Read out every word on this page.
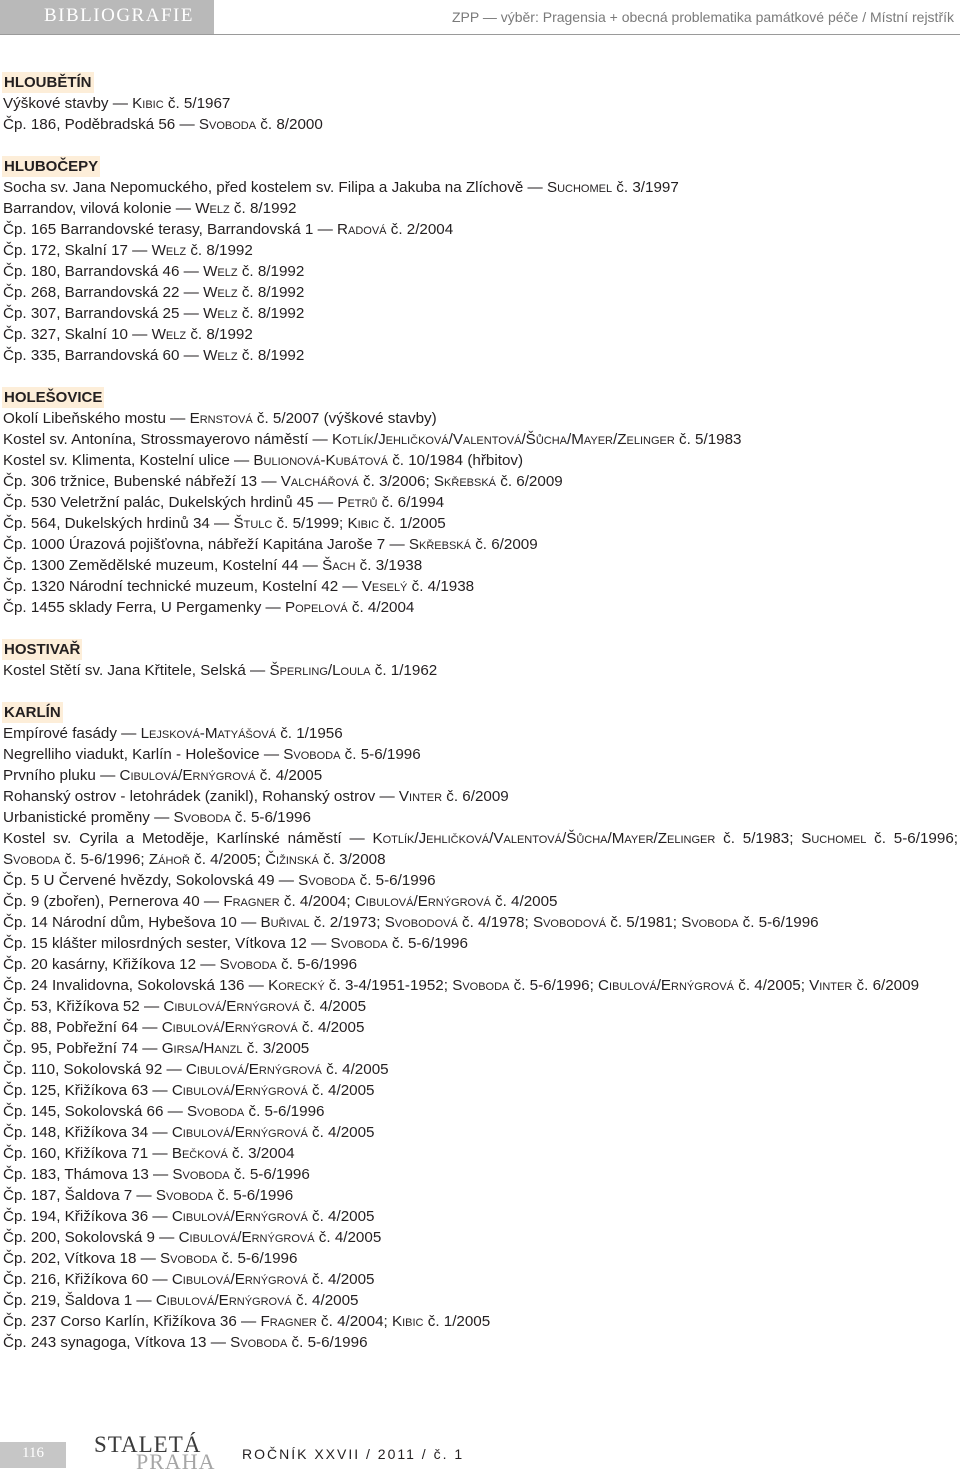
BIBLIOGRAFIE	ZPP — výběr: Pragensia + obecná problematika památkové péče / Místní rejstřík
HLOUBĚTÍN
Výškové stavby — Kibic č. 5/1967
Čp. 186, Poděbradská 56 — Svoboda č. 8/2000
HLUBOČEPY
Socha sv. Jana Nepomuckého, před kostelem sv. Filipa a Jakuba na Zlíchově — Suchomel č. 3/1997
Barrandov, vilová kolonie — Welz č. 8/1992
Čp. 165 Barrandovské terasy, Barrandovská 1 — Radová č. 2/2004
Čp. 172, Skalní 17 — Welz č. 8/1992
Čp. 180, Barrandovská 46 — Welz č. 8/1992
Čp. 268, Barrandovská 22 — Welz č. 8/1992
Čp. 307, Barrandovská 25 — Welz č. 8/1992
Čp. 327, Skalní 10 — Welz č. 8/1992
Čp. 335, Barrandovská 60 — Welz č. 8/1992
HOLEŠOVICE
Okolí Libeňského mostu — Ernstová č. 5/2007 (výškové stavby)
Kostel sv. Antonína, Strossmayerovo náměstí — Kotlík/Jehličková/Valentová/Šůcha/Mayer/Zelinger č. 5/1983
Kostel sv. Klimenta, Kostelní ulice — Bulionová-Kubátová č. 10/1984 (hřbitov)
Čp. 306 tržnice, Bubenské nábřeží 13 — Valchářová č. 3/2006; Skřebská č. 6/2009
Čp. 530 Veletržní palác, Dukelských hrdinů 45 — Petrů č. 6/1994
Čp. 564, Dukelských hrdinů 34 — Štulc č. 5/1999; Kibic č. 1/2005
Čp. 1000 Úrazová pojišťovna, nábřeží Kapitána Jaroše 7 — Skřebská č. 6/2009
Čp. 1300 Zemědělské muzeum, Kostelní 44 — Šach č. 3/1938
Čp. 1320 Národní technické muzeum, Kostelní 42 — Veselý č. 4/1938
Čp. 1455 sklady Ferra, U Pergamenky — Popelová č. 4/2004
HOSTIVAŘ
Kostel Stětí sv. Jana Křtitele, Selská — Šperling/Loula č. 1/1962
KARLÍN
Empírové fasády — Lejsková-Matyášová č. 1/1956
Negrelliho viadukt, Karlín - Holešovice — Svoboda č. 5-6/1996
Prvního pluku — Cibulová/Ernýgrová č. 4/2005
Rohanský ostrov - letohrádek (zanikl), Rohanský ostrov — Vinter č. 6/2009
Urbanistické proměny — Svoboda č. 5-6/1996
Kostel sv. Cyrila a Metoděje, Karlínské náměstí — Kotlík/Jehličková/Valentová/Šůcha/Mayer/Zelinger č. 5/1983; Suchomel č. 5-6/1996; Svoboda č. 5-6/1996; Záhoř č. 4/2005; Čižinská č. 3/2008
Čp. 5 U Červené hvězdy, Sokolovská 49 — Svoboda č. 5-6/1996
Čp. 9 (zbořen), Pernerova 40 — Fragner č. 4/2004; Cibulová/Ernýgrová č. 4/2005
Čp. 14 Národní dům, Hybešova 10 — Buřival č. 2/1973; Svobodová č. 4/1978; Svobodová č. 5/1981; Svoboda č. 5-6/1996
Čp. 15 klášter milosrdných sester, Vítkova 12 — Svoboda č. 5-6/1996
Čp. 20 kasárny, Křižíkova 12 — Svoboda č. 5-6/1996
Čp. 24 Invalidovna, Sokolovská 136 — Korecký č. 3-4/1951-1952; Svoboda č. 5-6/1996; Cibulová/Ernýgrová č. 4/2005; Vinter č. 6/2009
Čp. 53, Křižíkova 52 — Cibulová/Ernýgrová č. 4/2005
Čp. 88, Pobřežní 64 — Cibulová/Ernýgrová č. 4/2005
Čp. 95, Pobřežní 74 — Girsa/Hanzl č. 3/2005
Čp. 110, Sokolovská 92 — Cibulová/Ernýgrová č. 4/2005
Čp. 125, Křižíkova 63 — Cibulová/Ernýgrová č. 4/2005
Čp. 145, Sokolovská 66 — Svoboda č. 5-6/1996
Čp. 148, Křižíkova 34 — Cibulová/Ernýgrová č. 4/2005
Čp. 160, Křižíkova 71 — Bečková č. 3/2004
Čp. 183, Thámova 13 — Svoboda č. 5-6/1996
Čp. 187, Šaldova 7 — Svoboda č. 5-6/1996
Čp. 194, Křižíkova 36 — Cibulová/Ernýgrová č. 4/2005
Čp. 200, Sokolovská 9 — Cibulová/Ernýgrová č. 4/2005
Čp. 202, Vítkova 18 — Svoboda č. 5-6/1996
Čp. 216, Křižíkova 60 — Cibulová/Ernýgrová č. 4/2005
Čp. 219, Šaldova 1 — Cibulová/Ernýgrová č. 4/2005
Čp. 237 Corso Karlín, Křižíkova 36 — Fragner č. 4/2004; Kibic č. 1/2005
Čp. 243 synagoga, Vítkova 13 — Svoboda č. 5-6/1996
116 STALETÁ
PRAHA ROČNÍK XXVII / 2011 / č. 1
